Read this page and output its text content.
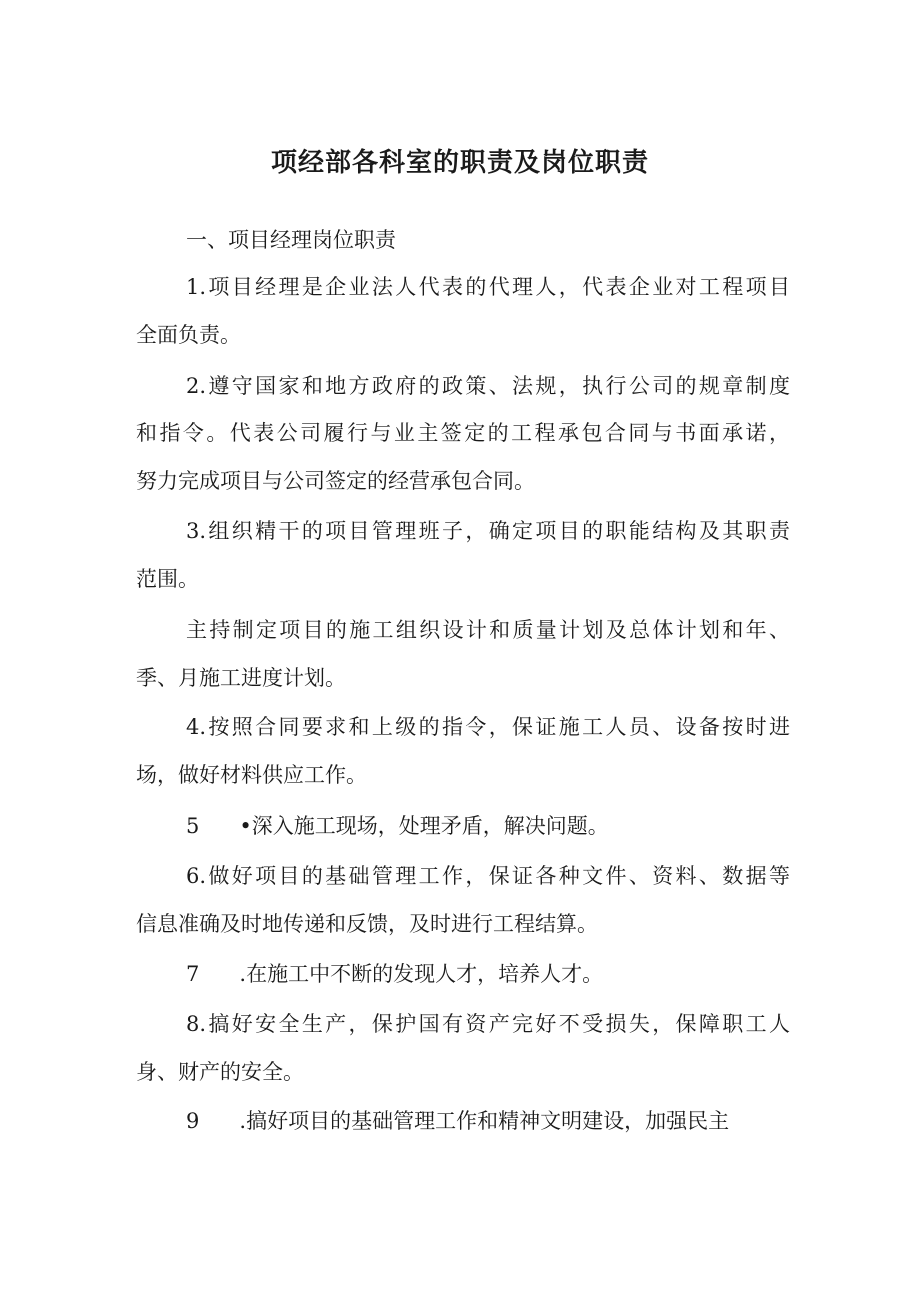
项经部各科室的职责及岗位职责
一、项目经理岗位职责
1.项目经理是企业法人代表的代理人，代表企业对工程项目
全面负责。
2.遵守国家和地方政府的政策、法规，执行公司的规章制度
和指令。代表公司履行与业主签定的工程承包合同与书面承诺，
努力完成项目与公司签定的经营承包合同。
3.组织精干的项目管理班子，确定项目的职能结构及其职责
范围。
主持制定项目的施工组织设计和质量计划及总体计划和年、
季、月施工进度计划。
4.按照合同要求和上级的指令，保证施工人员、设备按时进
场，做好材料供应工作。
5      •深入施工现场，处理矛盾，解决问题。
6.做好项目的基础管理工作，保证各种文件、资料、数据等
信息准确及时地传递和反馈，及时进行工程结算。
7      .在施工中不断的发现人才，培养人才。
8.搞好安全生产，保护国有资产完好不受损失，保障职工人
身、财产的安全。
9      .搞好项目的基础管理工作和精神文明建设，加强民主
